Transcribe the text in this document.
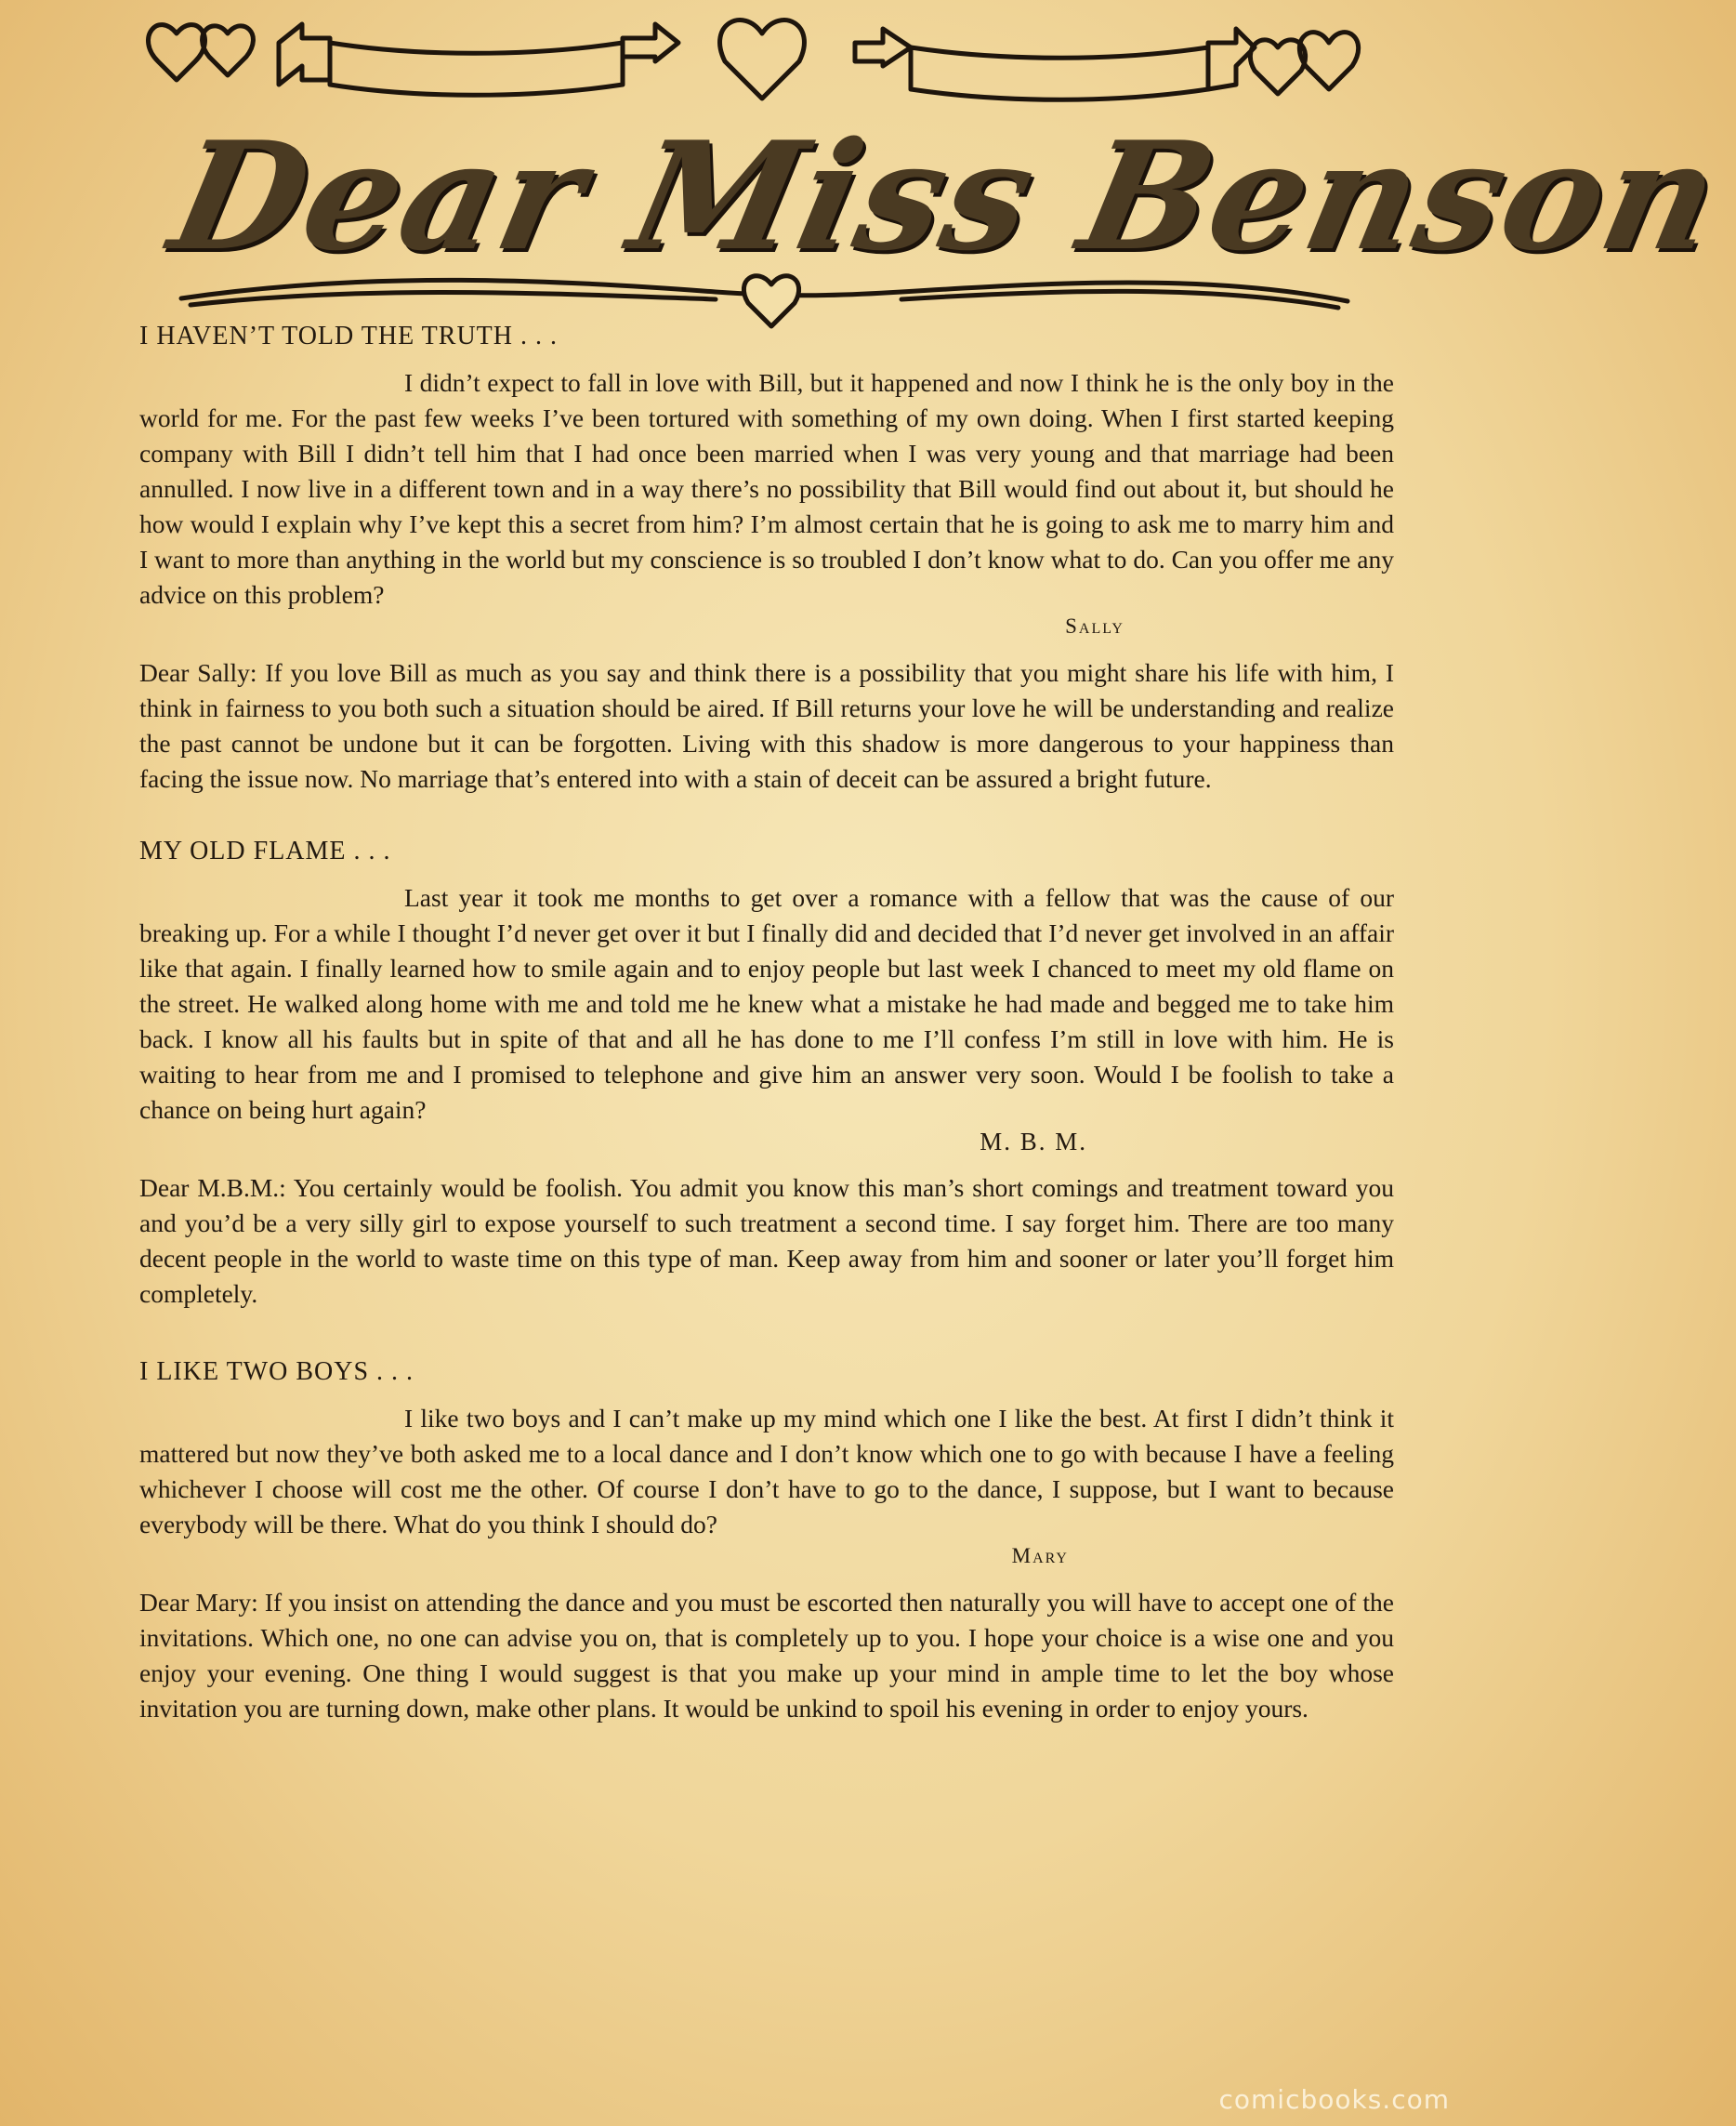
Dear Miss Benson
I HAVEN’T TOLD THE TRUTH . . .

I didn’t expect to fall in love with Bill, but it happened and now I think he is the only boy in the world for me. For the past few weeks I’ve been tortured with something of my own doing. When I first started keeping company with Bill I didn’t tell him that I had once been married when I was very young and that marriage had been annulled. I now live in a different town and in a way there’s no possibility that Bill would find out about it, but should he how would I explain why I’ve kept this a secret from him? I’m almost certain that he is going to ask me to marry him and I want to more than anything in the world but my conscience is so troubled I don’t know what to do. Can you offer me any advice on this problem?

Sally

Dear Sally: If you love Bill as much as you say and think there is a possibility that you might share his life with him, I think in fairness to you both such a situation should be aired. If Bill returns your love he will be understanding and realize the past cannot be undone but it can be forgotten. Living with this shadow is more dangerous to your happiness than facing the issue now. No marriage that’s entered into with a stain of deceit can be assured a bright future.

MY OLD FLAME . . .

Last year it took me months to get over a romance with a fellow that was the cause of our breaking up. For a while I thought I’d never get over it but I finally did and decided that I’d never get involved in an affair like that again. I finally learned how to smile again and to enjoy people but last week I chanced to meet my old flame on the street. He walked along home with me and told me he knew what a mistake he had made and begged me to take him back. I know all his faults but in spite of that and all he has done to me I’ll confess I’m still in love with him. He is waiting to hear from me and I promised to telephone and give him an answer very soon. Would I be foolish to take a chance on being hurt again?

M. B. M.

Dear M.B.M.: You certainly would be foolish. You admit you know this man’s short comings and treatment toward you and you’d be a very silly girl to expose yourself to such treatment a second time. I say forget him. There are too many decent people in the world to waste time on this type of man. Keep away from him and sooner or later you’ll forget him completely.

I LIKE TWO BOYS . . .

I like two boys and I can’t make up my mind which one I like the best. At first I didn’t think it mattered but now they’ve both asked me to a local dance and I don’t know which one to go with because I have a feeling whichever I choose will cost me the other. Of course I don’t have to go to the dance, I suppose, but I want to because everybody will be there. What do you think I should do?

Mary

Dear Mary: If you insist on attending the dance and you must be escorted then naturally you will have to accept one of the invitations. Which one, no one can advise you on, that is completely up to you. I hope your choice is a wise one and you enjoy your evening. One thing I would suggest is that you make up your mind in ample time to let the boy whose invitation you are turning down, make other plans. It would be unkind to spoil his evening in order to enjoy yours.

comicbooks.com
